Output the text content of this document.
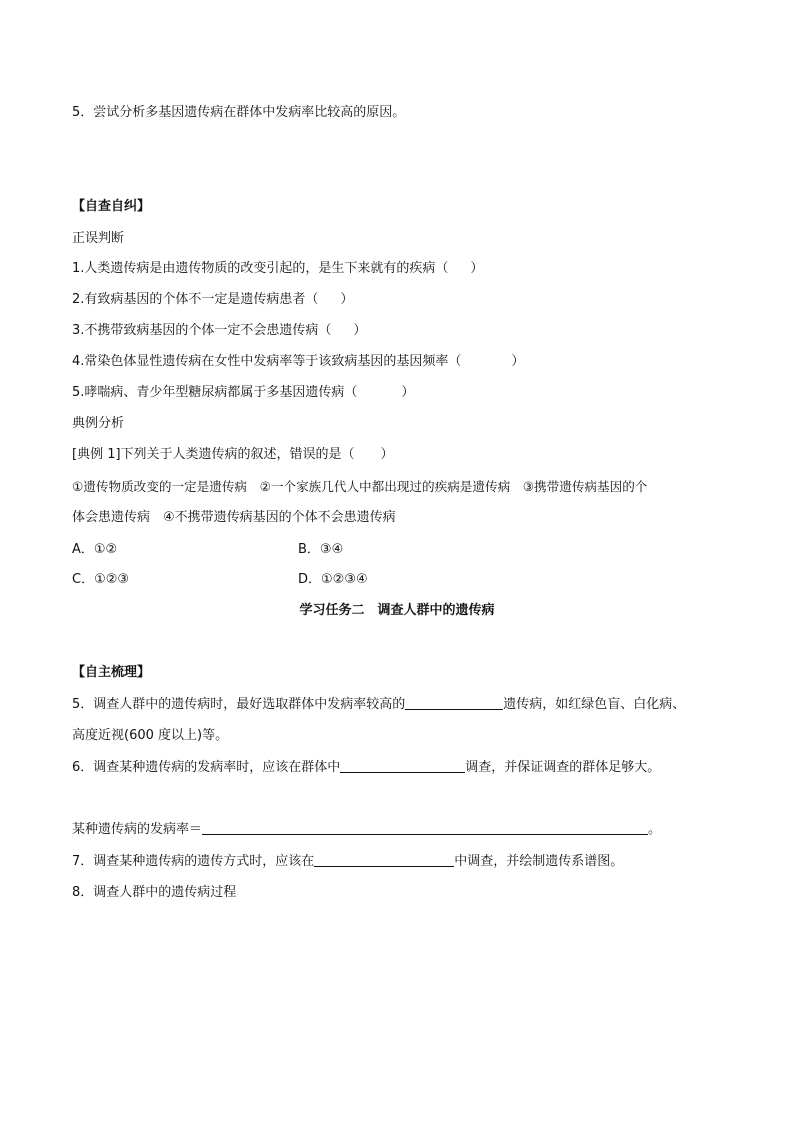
5．尝试分析多基因遗传病在群体中发病率比较高的原因。
【自查自纠】
正误判断
1.人类遗传病是由遗传物质的改变引起的，是生下来就有的疾病（ ）
2.有致病基因的个体不一定是遗传病患者（ ）
3.不携带致病基因的个体一定不会患遗传病（ ）
4.常染色体显性遗传病在女性中发病率等于该致病基因的基因频率（	）
5.哮喘病、青少年型糖尿病都属于多基因遗传病（	）
典例分析
[典例 1]下列关于人类遗传病的叙述，错误的是（　　）
①遗传物质改变的一定是遗传病　②一个家族几代人中都出现过的疾病是遗传病　③携带遗传病基因的个
体会患遗传病　④不携带遗传病基因的个体不会患遗传病
A．①②	B．③④
C．①②③	D．①②③④
学习任务二　调查人群中的遗传病
【自主梳理】
5．调查人群中的遗传病时，最好选取群体中发病率较高的	遗传病，如红绿色盲、白化病、
高度近视(600 度以上)等。
6．调查某种遗传病的发病率时，应该在群体中	调查，并保证调查的群体足够大。
某种遗传病的发病率＝	。
7．调查某种遗传病的遗传方式时，应该在	中调查，并绘制遗传系谱图。
8．调查人群中的遗传病过程
